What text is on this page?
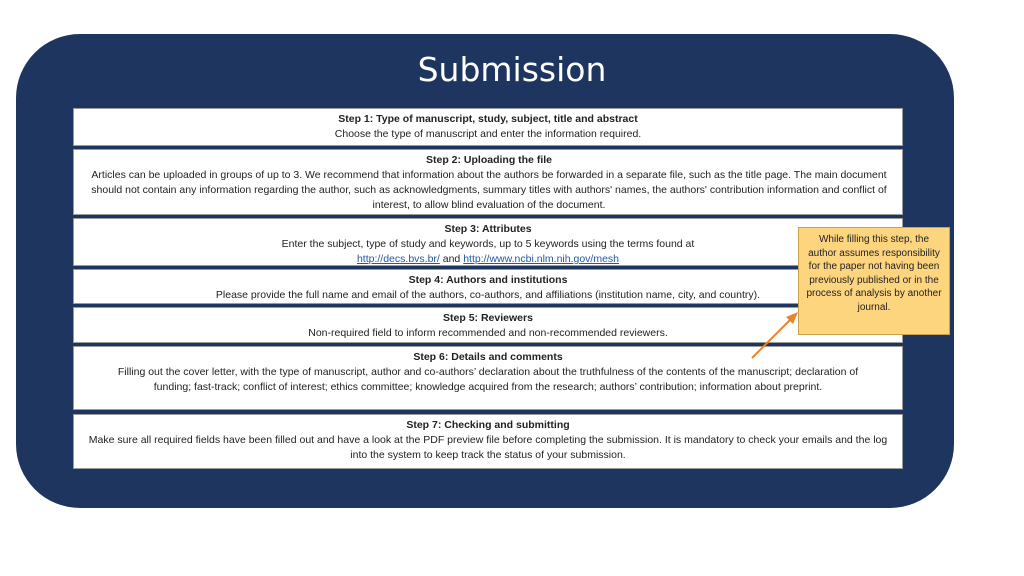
Submission
Step 1: Type of manuscript, study, subject, title and abstract
Choose the type of manuscript and enter the information required.
Step 2: Uploading the file
Articles can be uploaded in groups of up to 3. We recommend that information about the authors be forwarded in a separate file, such as the title page. The main document should not contain any information regarding the author, such as acknowledgments, summary titles with authors' names, the authors' contribution information and conflict of interest, to allow blind evaluation of the document.
Step 3: Attributes
Enter the subject, type of study and keywords, up to 5 keywords using the terms found at
http://decs.bvs.br/ and http://www.ncbi.nlm.nih.gov/mesh
Step 4: Authors and institutions
Please provide the full name and email of the authors, co-authors, and affiliations (institution name, city, and country).
Step 5: Reviewers
Non-required field to inform recommended and non-recommended reviewers.
Step 6: Details and comments
Filling out the cover letter, with the type of manuscript, author and co-authors’ declaration about the truthfulness of the contents of the manuscript; declaration of funding; fast-track; conflict of interest; ethics committee; knowledge acquired from the research; authors’ contribution; information about preprint.
Step 7: Checking and submitting
Make sure all required fields have been filled out and have a look at the PDF preview file before completing the submission. It is mandatory to check your emails and the log into the system to keep track the status of your submission.
While filling this step, the author assumes responsibility for the paper not having been previously published or in the process of analysis by another journal.
